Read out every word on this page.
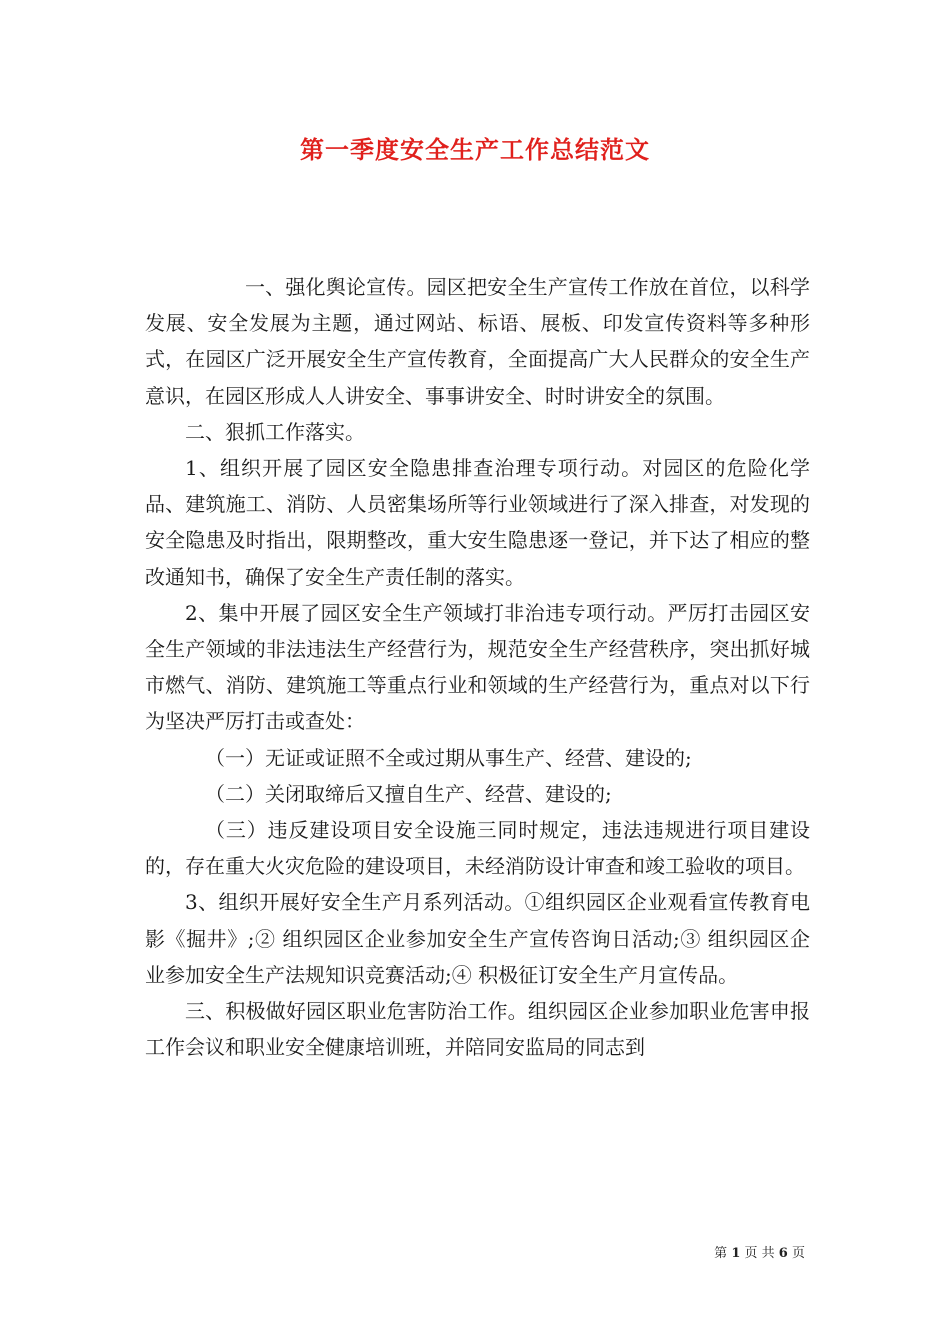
第一季度安全生产工作总结范文

一、强化舆论宣传。园区把安全生产宣传工作放在首位，以科学发展、安全发展为主题，通过网站、标语、展板、印发宣传资料等多种形式，在园区广泛开展安全生产宣传教育，全面提高广大人民群众的安全生产意识，在园区形成人人讲安全、事事讲安全、时时讲安全的氛围。

二、狠抓工作落实。

1、组织开展了园区安全隐患排查治理专项行动。对园区的危险化学品、建筑施工、消防、人员密集场所等行业领域进行了深入排查，对发现的安全隐患及时指出，限期整改，重大安生隐患逐一登记，并下达了相应的整改通知书，确保了安全生产责任制的落实。

2、集中开展了园区安全生产领域打非治违专项行动。严厉打击园区安全生产领域的非法违法生产经营行为，规范安全生产经营秩序，突出抓好城市燃气、消防、建筑施工等重点行业和领域的生产经营行为，重点对以下行为坚决严厉打击或查处：

（一）无证或证照不全或过期从事生产、经营、建设的;

（二）关闭取缔后又擅自生产、经营、建设的;

（三）违反建设项目安全设施三同时规定，违法违规进行项目建设的，存在重大火灾危险的建设项目，未经消防设计审查和竣工验收的项目。

3、组织开展好安全生产月系列活动。①组织园区企业观看宣传教育电影《掘井》;② 组织园区企业参加安全生产宣传咨询日活动;③ 组织园区企业参加安全生产法规知识竞赛活动;④ 积极征订安全生产月宣传品。

三、积极做好园区职业危害防治工作。组织园区企业参加职业危害申报工作会议和职业安全健康培训班，并陪同安监局的同志到

第 1 页 共 6 页
